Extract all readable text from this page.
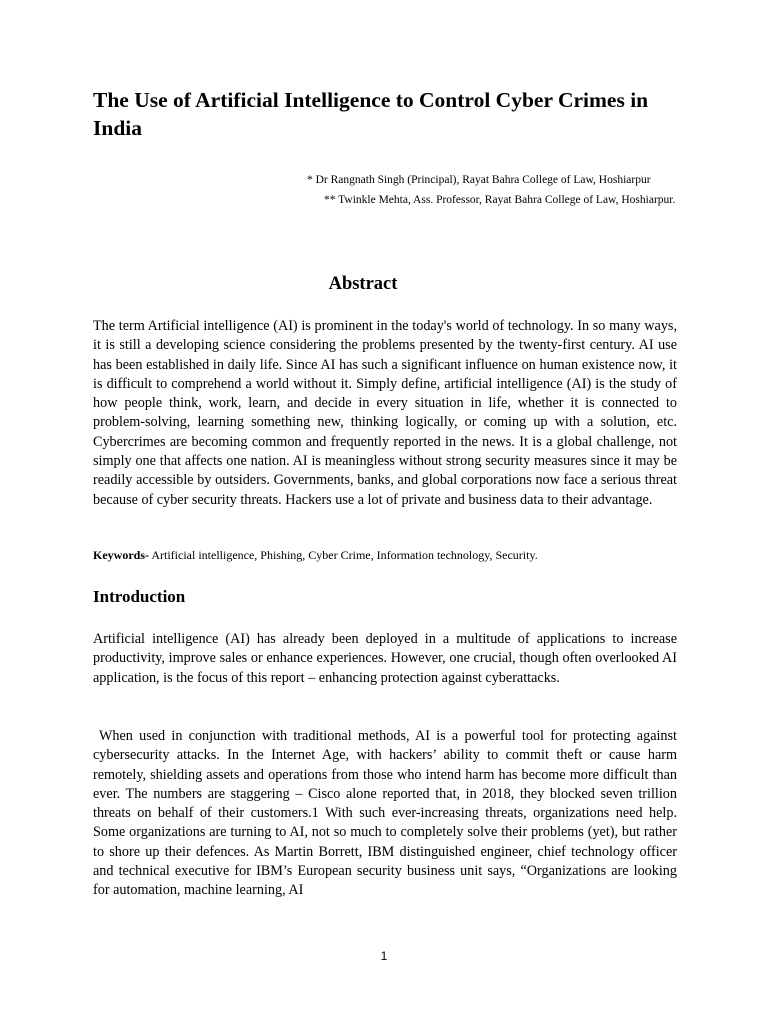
The Use of Artificial Intelligence to Control Cyber Crimes in India
* Dr Rangnath Singh (Principal), Rayat Bahra College of Law, Hoshiarpur
** Twinkle Mehta, Ass. Professor, Rayat Bahra College of Law, Hoshiarpur.
Abstract

The term Artificial intelligence (AI) is prominent in the today's world of technology. In so many ways, it is still a developing science considering the problems presented by the twenty-first century. AI use has been established in daily life. Since AI has such a significant influence on human existence now, it is difficult to comprehend a world without it. Simply define, artificial intelligence (AI) is the study of how people think, work, learn, and decide in every situation in life, whether it is connected to problem-solving, learning something new, thinking logically, or coming up with a solution, etc. Cybercrimes are becoming common and frequently reported in the news. It is a global challenge, not simply one that affects one nation. AI is meaningless without strong security measures since it may be readily accessible by outsiders. Governments, banks, and global corporations now face a serious threat because of cyber security threats. Hackers use a lot of private and business data to their advantage.

Keywords- Artificial intelligence, Phishing, Cyber Crime, Information technology, Security.
Introduction

Artificial intelligence (AI) has already been deployed in a multitude of applications to increase productivity, improve sales or enhance experiences. However, one crucial, though often overlooked AI application, is the focus of this report – enhancing protection against cyberattacks.

When used in conjunction with traditional methods, AI is a powerful tool for protecting against cybersecurity attacks. In the Internet Age, with hackers’ ability to commit theft or cause harm remotely, shielding assets and operations from those who intend harm has become more difficult than ever. The numbers are staggering – Cisco alone reported that, in 2018, they blocked seven trillion threats on behalf of their customers.1 With such ever-increasing threats, organizations need help. Some organizations are turning to AI, not so much to completely solve their problems (yet), but rather to shore up their defences. As Martin Borrett, IBM distinguished engineer, chief technology officer and technical executive for IBM’s European security business unit says, “Organizations are looking for automation, machine learning, AI

1
